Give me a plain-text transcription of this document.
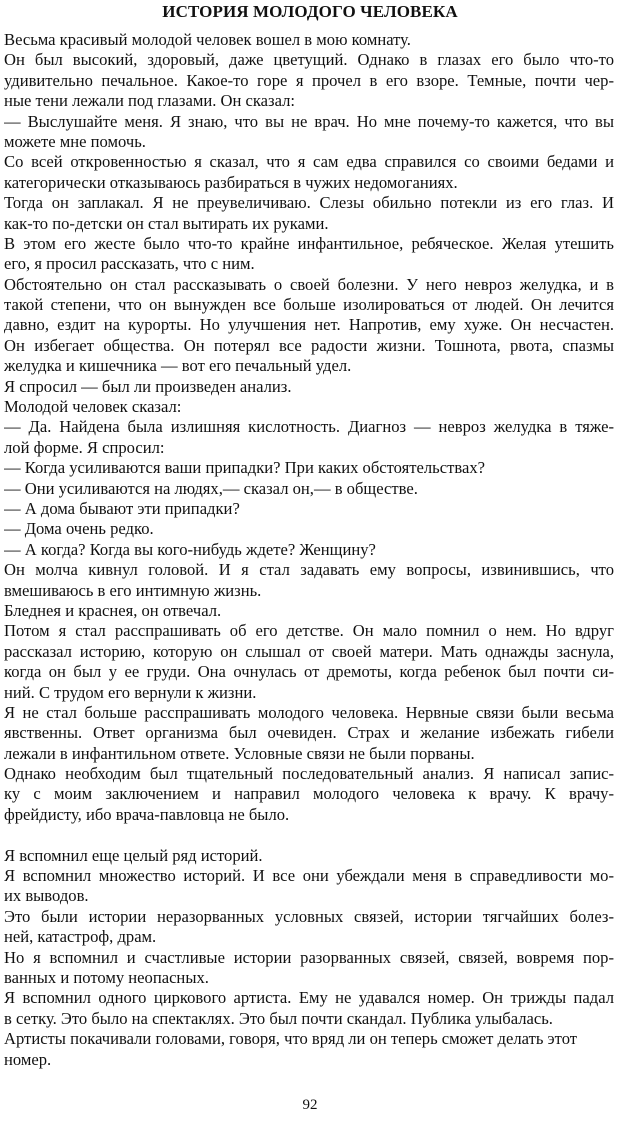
ИСТОРИЯ МОЛОДОГО ЧЕЛОВЕКА
Весьма красивый молодой человек вошел в мою комнату.
Он был высокий, здоровый, даже цветущий. Однако в глазах его было что-то
удивительно печальное. Какое-то горе я прочел в его взоре. Темные, почти чер-
ные тени лежали под глазами. Он сказал:
— Выслушайте меня. Я знаю, что вы не врач. Но мне почему-то кажется, что вы
можете мне помочь.
Со всей откровенностью я сказал, что я сам едва справился со своими бедами и
категорически отказываюсь разбираться в чужих недомоганиях.
Тогда он заплакал. Я не преувеличиваю. Слезы обильно потекли из его глаз. И
как-то по-детски он стал вытирать их руками.
В этом его жесте было что-то крайне инфантильное, ребяческое. Желая утешить
его, я просил рассказать, что с ним.
Обстоятельно он стал рассказывать о своей болезни. У него невроз желудка, и в
такой степени, что он вынужден все больше изолироваться от людей. Он лечится
давно, ездит на курорты. Но улучшения нет. Напротив, ему хуже. Он несчастен.
Он избегает общества. Он потерял все радости жизни. Тошнота, рвота, спазмы
желудка и кишечника — вот его печальный удел.
Я спросил — был ли произведен анализ.
Молодой человек сказал:
— Да. Найдена была излишняя кислотность. Диагноз — невроз желудка в тяже-
лой форме. Я спросил:
— Когда усиливаются ваши припадки? При каких обстоятельствах?
— Они усиливаются на людях,— сказал он,— в обществе.
— А дома бывают эти припадки?
— Дома очень редко.
— А когда? Когда вы кого-нибудь ждете? Женщину?
Он молча кивнул головой. И я стал задавать ему вопросы, извинившись, что
вмешиваюсь в его интимную жизнь.
Бледнея и краснея, он отвечал.
Потом я стал расспрашивать об его детстве. Он мало помнил о нем. Но вдруг
рассказал историю, которую он слышал от своей матери. Мать однажды заснула,
когда он был у ее груди. Она очнулась от дремоты, когда ребенок был почти си-
ний. С трудом его вернули к жизни.
Я не стал больше расспрашивать молодого человека. Нервные связи были весьма
явственны. Ответ организма был очевиден. Страх и желание избежать гибели
лежали в инфантильном ответе. Условные связи не были порваны.
Однако необходим был тщательный последовательный анализ. Я написал запис-
ку с моим заключением и направил молодого человека к врачу. К врачу-
фрейдисту, ибо врача-павловца не было.
Я вспомнил еще целый ряд историй.
Я вспомнил множество историй. И все они убеждали меня в справедливости мо-
их выводов.
Это были истории неразорванных условных связей, истории тягчайших болез-
ней, катастроф, драм.
Но я вспомнил и счастливые истории разорванных связей, связей, вовремя пор-
ванных и потому неопасных.
Я вспомнил одного циркового артиста. Ему не удавался номер. Он трижды падал
в сетку. Это было на спектаклях. Это был почти скандал. Публика улыбалась.
Артисты покачивали головами, говоря, что вряд ли он теперь сможет делать этот
номер.
92
